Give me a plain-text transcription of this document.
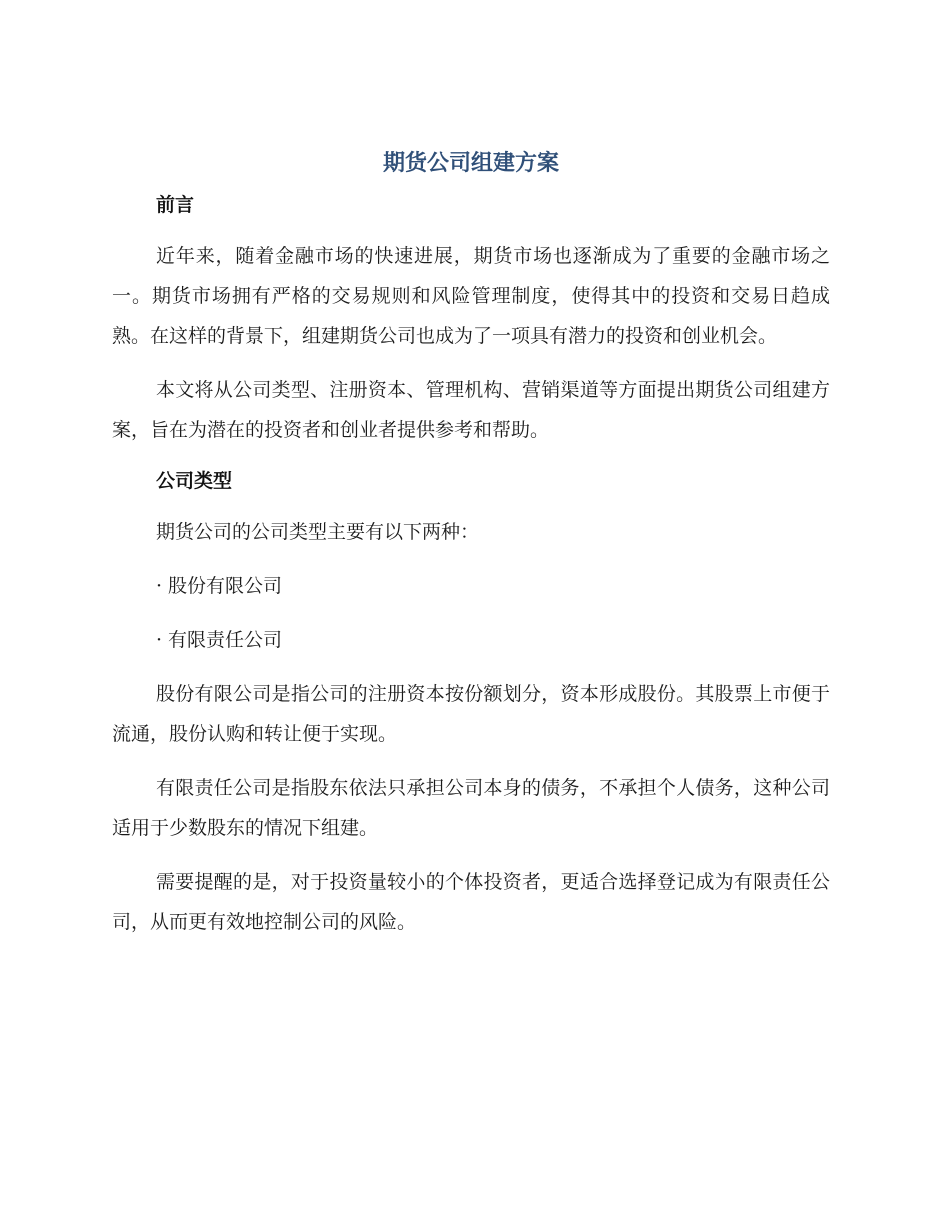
期货公司组建方案
前言

近年来，随着金融市场的快速进展，期货市场也逐渐成为了重要的金融市场之一。期货市场拥有严格的交易规则和风险管理制度，使得其中的投资和交易日趋成熟。在这样的背景下，组建期货公司也成为了一项具有潜力的投资和创业机会。

本文将从公司类型、注册资本、管理机构、营销渠道等方面提出期货公司组建方案，旨在为潜在的投资者和创业者提供参考和帮助。

公司类型

期货公司的公司类型主要有以下两种：

· 股份有限公司
· 有限责任公司

股份有限公司是指公司的注册资本按份额划分，资本形成股份。其股票上市便于流通，股份认购和转让便于实现。

有限责任公司是指股东依法只承担公司本身的债务，不承担个人债务，这种公司适用于少数股东的情况下组建。

需要提醒的是，对于投资量较小的个体投资者，更适合选择登记成为有限责任公司，从而更有效地控制公司的风险。
